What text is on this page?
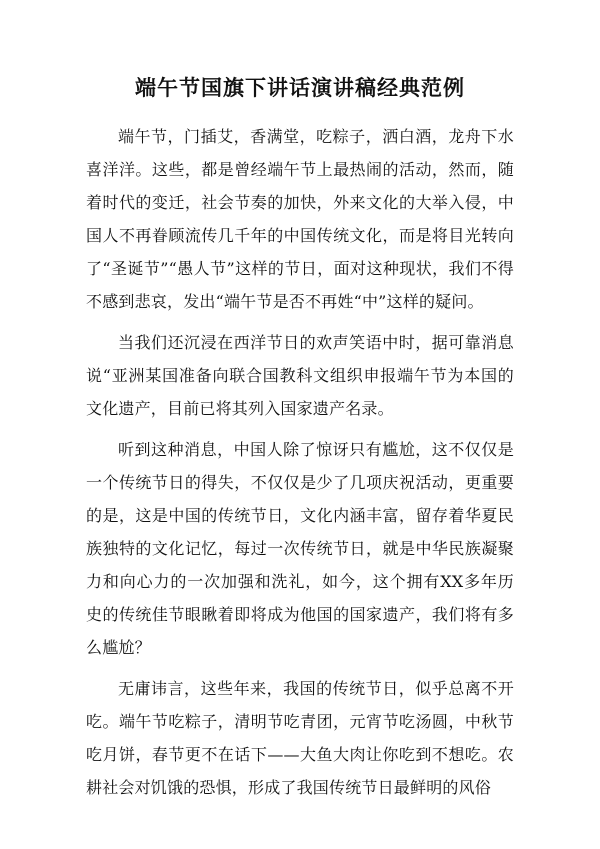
端午节国旗下讲话演讲稿经典范例

端午节，门插艾，香满堂，吃粽子，洒白酒，龙舟下水喜洋洋。这些，都是曾经端午节上最热闹的活动，然而，随着时代的变迁，社会节奏的加快，外来文化的大举入侵，中国人不再眷顾流传几千年的中国传统文化，而是将目光转向了“圣诞节”“愚人节”这样的节日，面对这种现状，我们不得不感到悲哀，发出“端午节是否不再姓“中”这样的疑问。

当我们还沉浸在西洋节日的欢声笑语中时，据可靠消息说“亚洲某国准备向联合国教科文组织申报端午节为本国的文化遗产，目前已将其列入国家遗产名录。

听到这种消息，中国人除了惊讶只有尴尬，这不仅仅是一个传统节日的得失，不仅仅是少了几项庆祝活动，更重要的是，这是中国的传统节日，文化内涵丰富，留存着华夏民族独特的文化记忆，每过一次传统节日，就是中华民族凝聚力和向心力的一次加强和洗礼，如今，这个拥有XX多年历史的传统佳节眼瞅着即将成为他国的国家遗产，我们将有多么尴尬？

无庸讳言，这些年来，我国的传统节日，似乎总离不开吃。端午节吃粽子，清明节吃青团，元宵节吃汤圆，中秋节吃月饼，春节更不在话下——大鱼大肉让你吃到不想吃。农耕社会对饥饿的恐惧，形成了我国传统节日最鲜明的风俗
